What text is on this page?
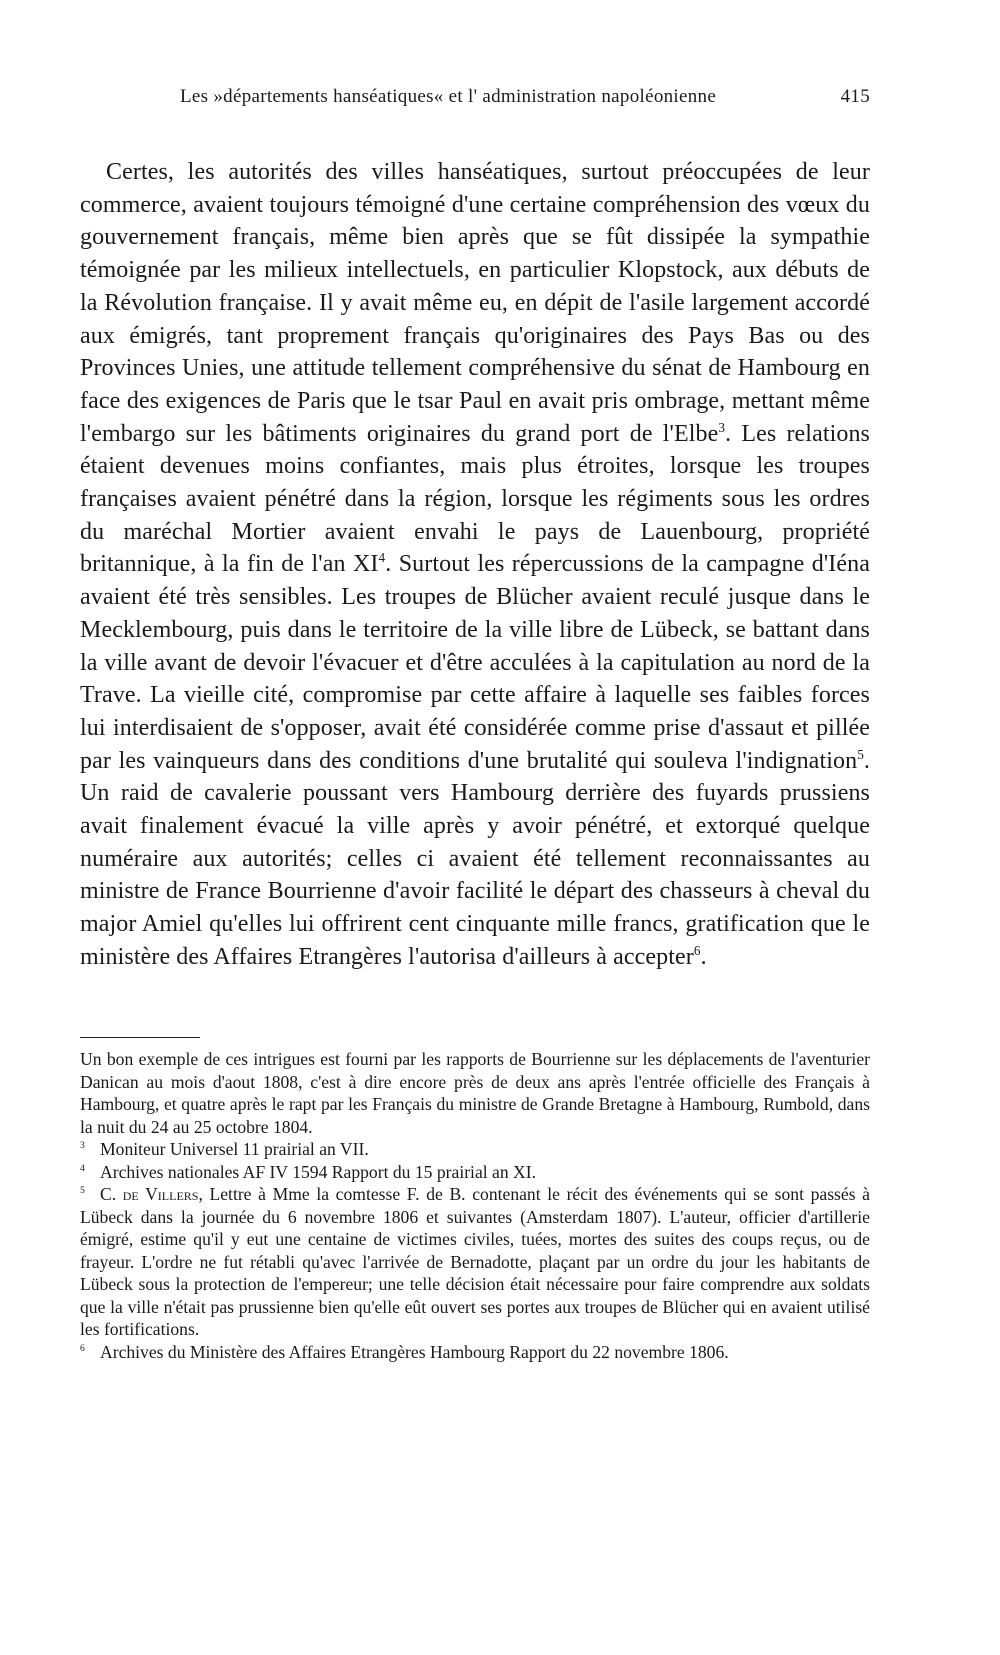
Les »départements hanséatiques« et l' administration napoléonienne	415

Certes, les autorités des villes hanséatiques, surtout préoccupées de leur commerce, avaient toujours témoigné d'une certaine compréhension des vœux du gouvernement français, même bien après que se fût dissipée la sympathie témoignée par les milieux intellectuels, en particulier Klopstock, aux débuts de la Révolution française. Il y avait même eu, en dépit de l'asile largement accordé aux émigrés, tant proprement français qu'originaires des Pays Bas ou des Provinces Unies, une attitude tellement compréhensive du sénat de Hambourg en face des exigences de Paris que le tsar Paul en avait pris ombrage, mettant même l'embargo sur les bâtiments originaires du grand port de l'Elbe$^3$. Les relations étaient devenues moins confiantes, mais plus étroites, lorsque les troupes françaises avaient pénétré dans la région, lorsque les régiments sous les ordres du maréchal Mortier avaient envahi le pays de Lauenbourg, propriété britannique, à la fin de l'an $XI^4$. Surtout les répercussions de la campagne d'Iéna avaient été très sensibles. Les troupes de Blücher avaient reculé jusque dans le Mecklembourg, puis dans le territoire de la ville libre de Lübeck, se battant dans la ville avant de devoir l'évacuer et d'être acculées à la capitulation au nord de la Trave. La vieille cité, compromise par cette affaire à laquelle ses faibles forces lui interdisaient de s'opposer, avait été considérée comme prise d'assaut et pillée par les vainqueurs dans des conditions d'une brutalité qui souleva l'indignation$^5$. Un raid de cavalerie poussant vers Hambourg derrière des fuyards prussiens avait finalement évacué la ville après y avoir pénétré, et extorqué quelque numéraire aux autorités; celles ci avaient été tellement reconnaissantes au ministre de France Bourrienne d'avoir facilité le départ des chasseurs à cheval du major Amiel qu'elles lui offrirent cent cinquante mille francs, gratification que le ministère des Affaires Etrangères l'autorisa d'ailleurs à accepter$^6$.

Un bon exemple de ces intrigues est fourni par les rapports de Bourrienne sur les déplacements de l'aventurier Danican au mois d'aout 1808, c'est à dire encore près de deux ans après l'entrée officielle des Français à Hambourg, et quatre après le rapt par les Français du ministre de Grande Bretagne à Hambourg, Rumbold, dans la nuit du 24 au 25 octobre 1804.

$^3$ Moniteur Universel 11 prairial an VII.

$^4$ Archives nationales AF IV 1594 Rapport du 15 prairial an XI.

$^5$ C. de Villers, Lettre à Mme la comtesse F. de B. contenant le récit des événements qui se sont passés à Lübeck dans la journée du 6 novembre 1806 et suivantes (Amsterdam 1807). L'auteur, officier d'artillerie émigré, estime qu'il y eut une centaine de victimes civiles, tuées, mortes des suites des coups reçus, ou de frayeur. L'ordre ne fut rétabli qu'avec l'arrivée de Bernadotte, plaçant par un ordre du jour les habitants de Lübeck sous la protection de l'empereur; une telle décision était nécessaire pour faire comprendre aux soldats que la ville n'était pas prussienne bien qu'elle eût ouvert ses portes aux troupes de Blücher qui en avaient utilisé les fortifications.

$^6$ Archives du Ministère des Affaires Etrangères Hambourg Rapport du 22 novembre 1806.
